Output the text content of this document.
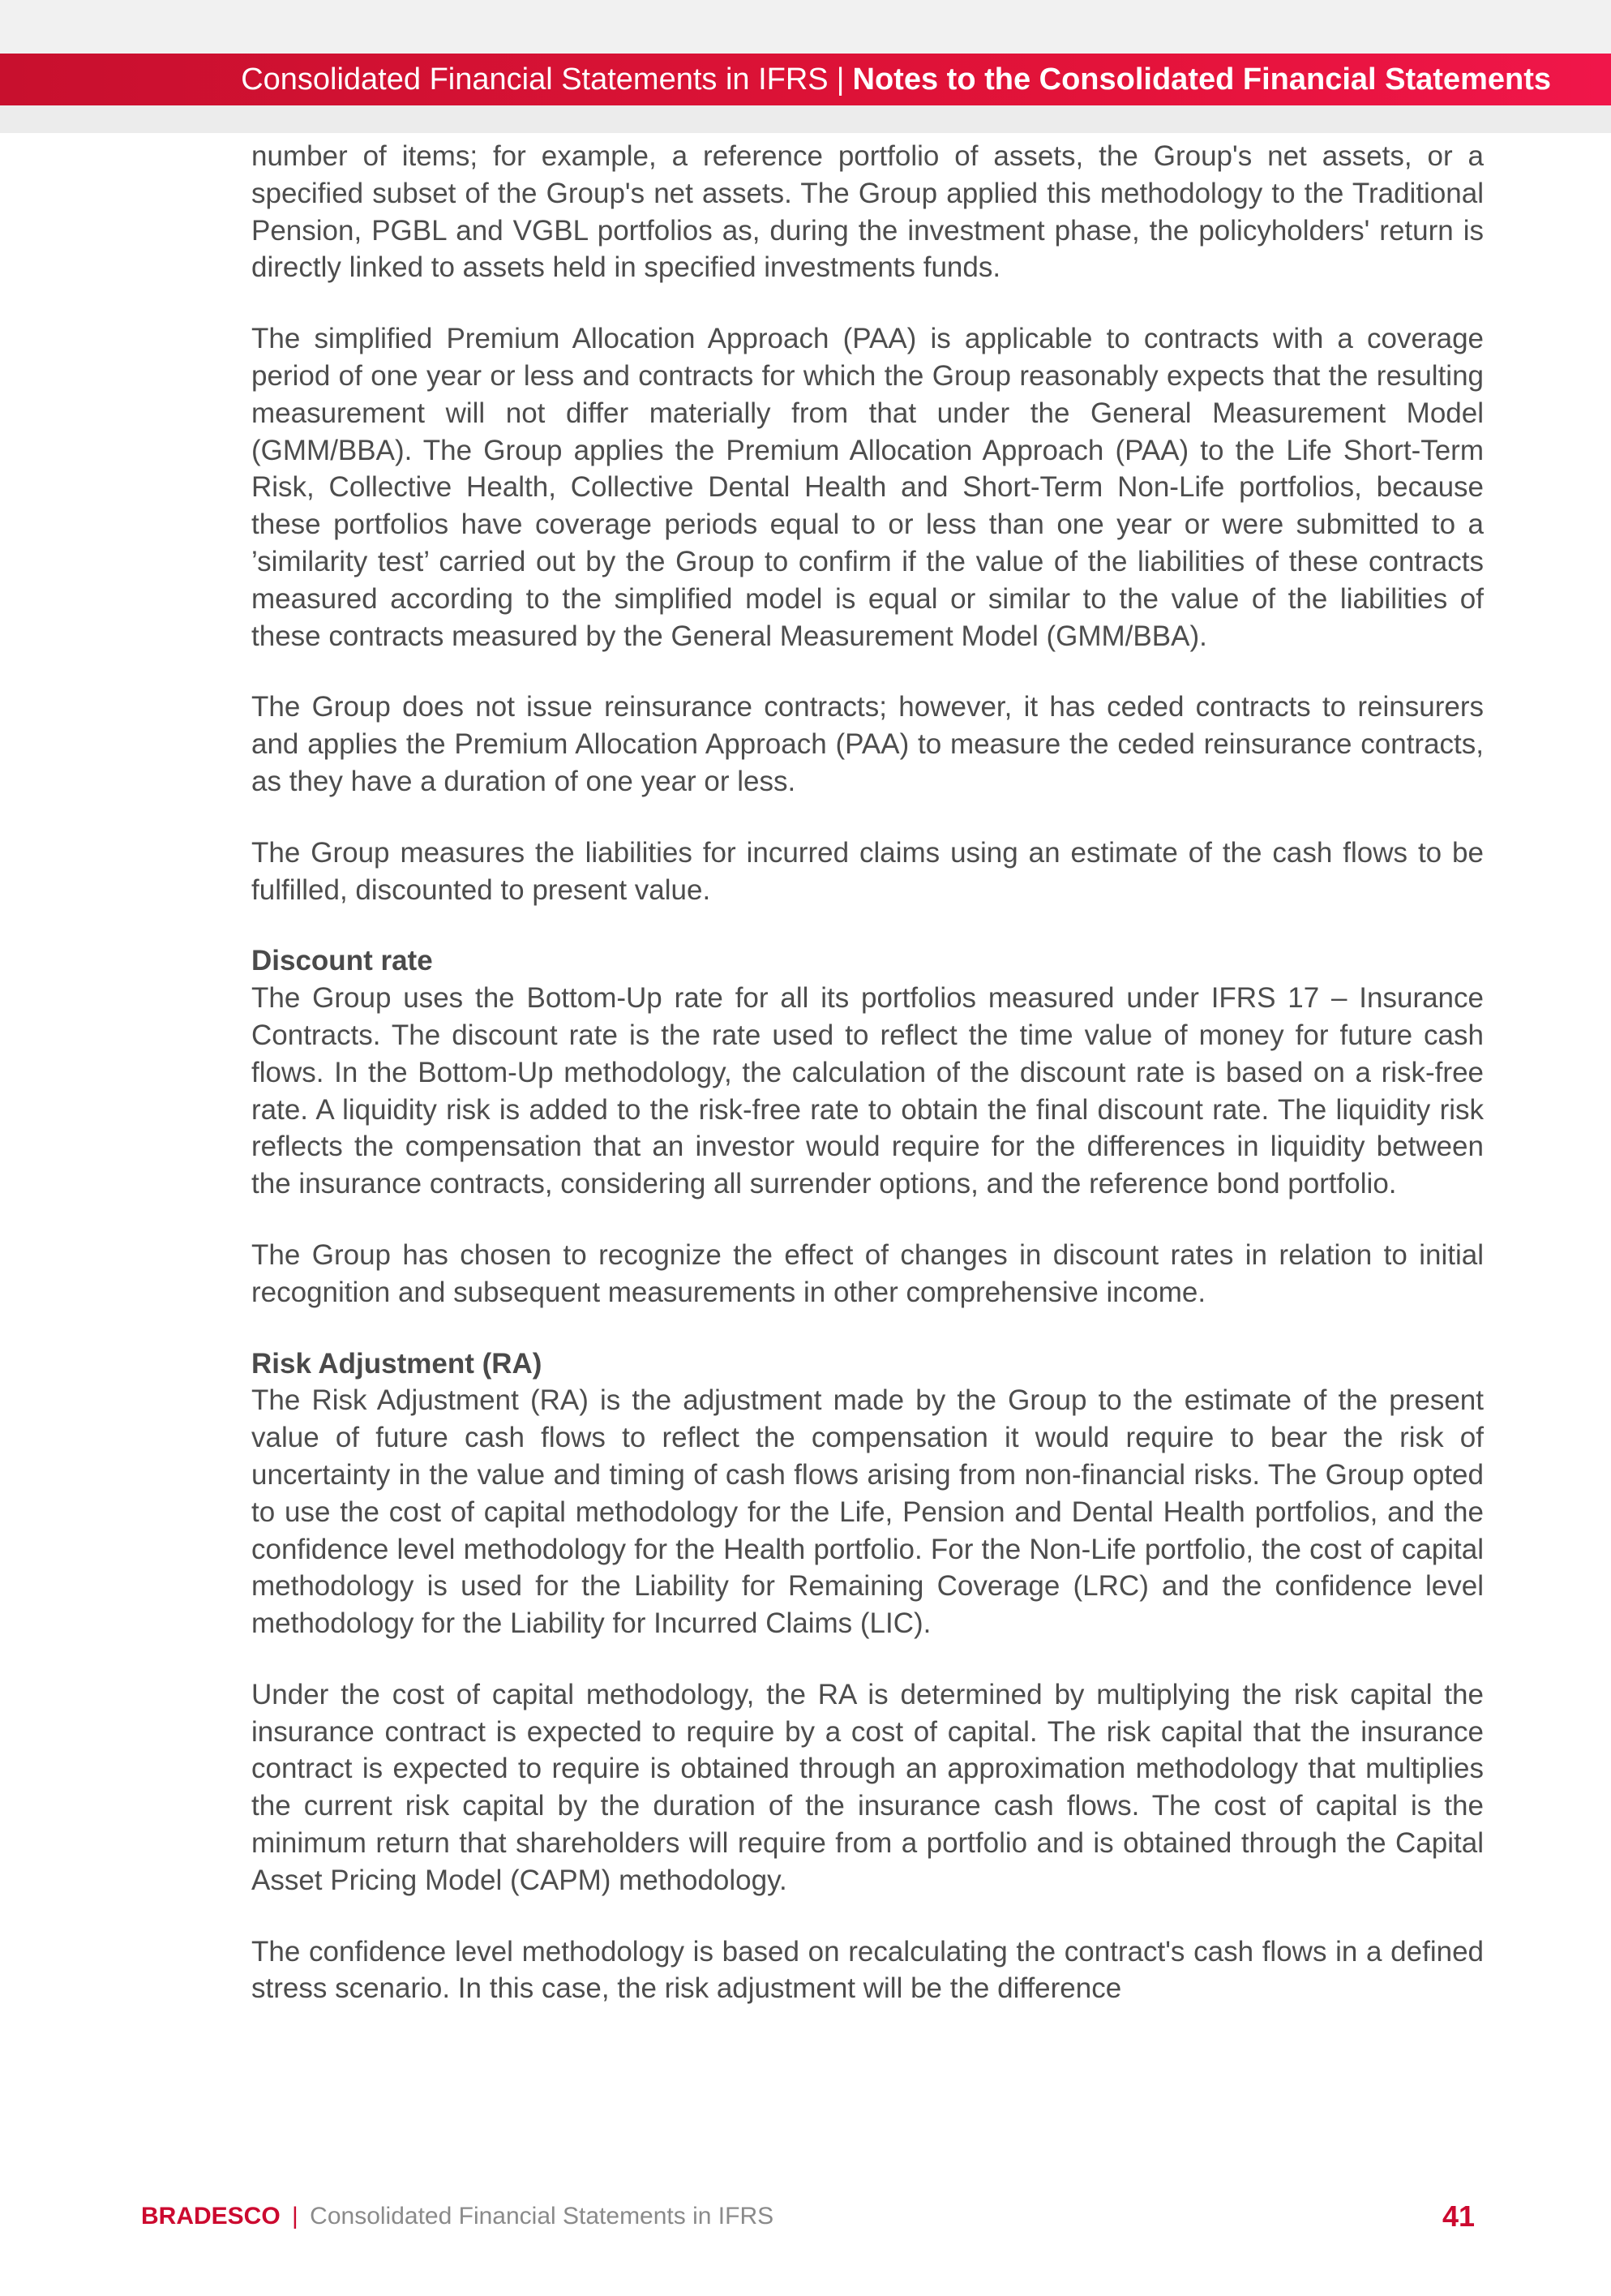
Consolidated Financial Statements in IFRS | Notes to the Consolidated Financial Statements

number of items; for example, a reference portfolio of assets, the Group's net assets, or a specified subset of the Group's net assets. The Group applied this methodology to the Traditional Pension, PGBL and VGBL portfolios as, during the investment phase, the policyholders' return is directly linked to assets held in specified investments funds.

The simplified Premium Allocation Approach (PAA) is applicable to contracts with a coverage period of one year or less and contracts for which the Group reasonably expects that the resulting measurement will not differ materially from that under the General Measurement Model (GMM/BBA). The Group applies the Premium Allocation Approach (PAA) to the Life Short-Term Risk, Collective Health, Collective Dental Health and Short-Term Non-Life portfolios, because these portfolios have coverage periods equal to or less than one year or were submitted to a ’similarity test’ carried out by the Group to confirm if the value of the liabilities of these contracts measured according to the simplified model is equal or similar to the value of the liabilities of these contracts measured by the General Measurement Model (GMM/BBA).

The Group does not issue reinsurance contracts; however, it has ceded contracts to reinsurers and applies the Premium Allocation Approach (PAA) to measure the ceded reinsurance contracts, as they have a duration of one year or less.

The Group measures the liabilities for incurred claims using an estimate of the cash flows to be fulfilled, discounted to present value.

Discount rate

The Group uses the Bottom-Up rate for all its portfolios measured under IFRS 17 – Insurance Contracts. The discount rate is the rate used to reflect the time value of money for future cash flows. In the Bottom-Up methodology, the calculation of the discount rate is based on a risk-free rate. A liquidity risk is added to the risk-free rate to obtain the final discount rate. The liquidity risk reflects the compensation that an investor would require for the differences in liquidity between the insurance contracts, considering all surrender options, and the reference bond portfolio.

The Group has chosen to recognize the effect of changes in discount rates in relation to initial recognition and subsequent measurements in other comprehensive income.

Risk Adjustment (RA)

The Risk Adjustment (RA) is the adjustment made by the Group to the estimate of the present value of future cash flows to reflect the compensation it would require to bear the risk of uncertainty in the value and timing of cash flows arising from non-financial risks. The Group opted to use the cost of capital methodology for the Life, Pension and Dental Health portfolios, and the confidence level methodology for the Health portfolio. For the Non-Life portfolio, the cost of capital methodology is used for the Liability for Remaining Coverage (LRC) and the confidence level methodology for the Liability for Incurred Claims (LIC).

Under the cost of capital methodology, the RA is determined by multiplying the risk capital the insurance contract is expected to require by a cost of capital. The risk capital that the insurance contract is expected to require is obtained through an approximation methodology that multiplies the current risk capital by the duration of the insurance cash flows. The cost of capital is the minimum return that shareholders will require from a portfolio and is obtained through the Capital Asset Pricing Model (CAPM) methodology.

The confidence level methodology is based on recalculating the contract's cash flows in a defined stress scenario. In this case, the risk adjustment will be the difference

BRADESCO | Consolidated Financial Statements in IFRS	41
